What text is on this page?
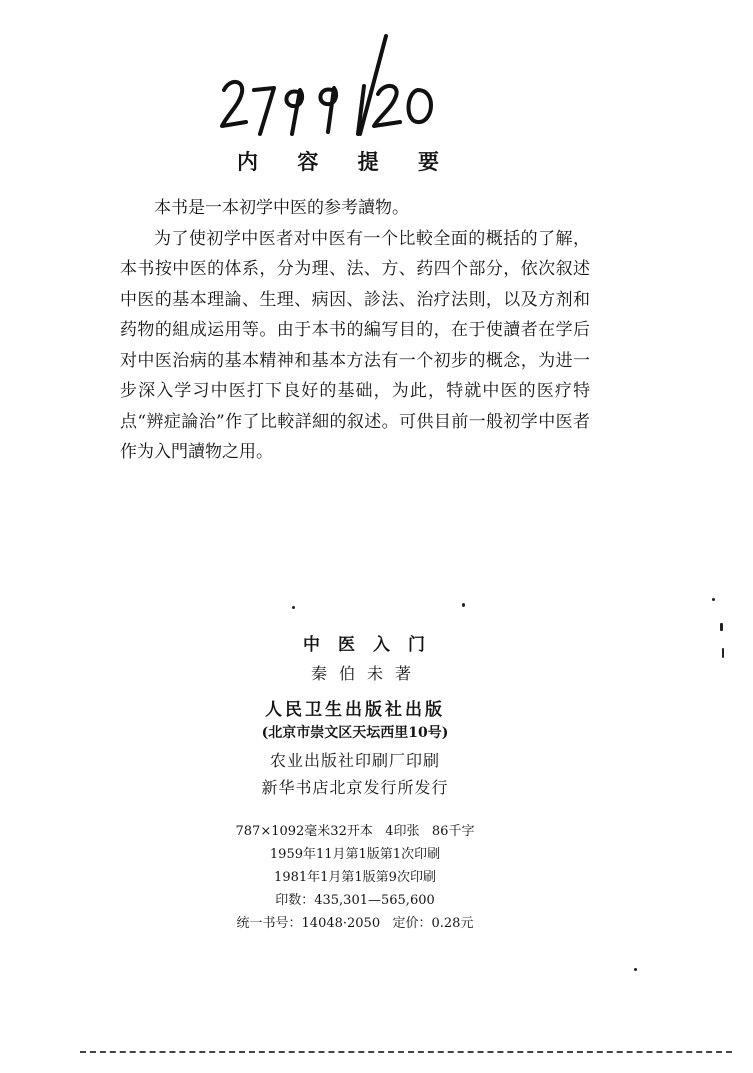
内 容 提 要

本书是一本初学中医的参考讀物。

为了使初学中医者对中医有一个比較全面的概括的了解，本书按中医的体系，分为理、法、方、药四个部分，依次叙述中医的基本理論、生理、病因、診法、治疗法則，以及方剂和药物的組成运用等。由于本书的編写目的，在于使讀者在学后对中医治病的基本精神和基本方法有一个初步的概念，为进一步深入学习中医打下良好的基础，为此，特就中医的医疗特点“辨症論治”作了比較詳細的叙述。可供目前一般初学中医者作为入門讀物之用。

中医入门
秦伯未著
人民卫生出版社出版
(北京市崇文区天坛西里10号)
农业出版社印刷厂印刷
新华书店北京发行所发行
787×1092毫米32开本   4印张   86千字
1959年11月第1版第1次印刷
1981年1月第1版第9次印刷
印数：435,301—565,600
统一书号：14048·2050   定价：0.28元
